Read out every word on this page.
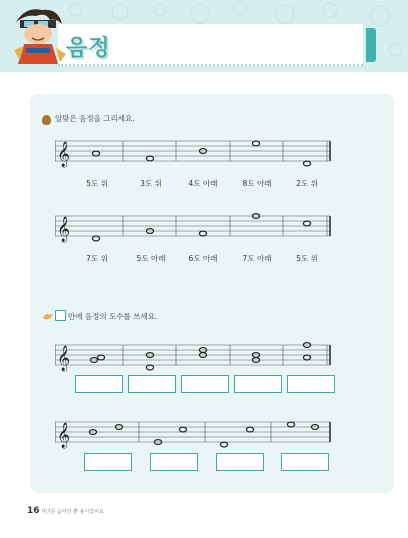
음정
알맞은 음정을 그리세요.
𝄞
5도 위	3도 위	4도 아래	8도 아래	2도 위
𝄞
7도 위	5도 아래	6도 아래	7도 아래	5도 위
안에 음정의 도수를 쓰세요.
𝄞
𝄞
16 자녀를 음악인 뿐 용이었어요
